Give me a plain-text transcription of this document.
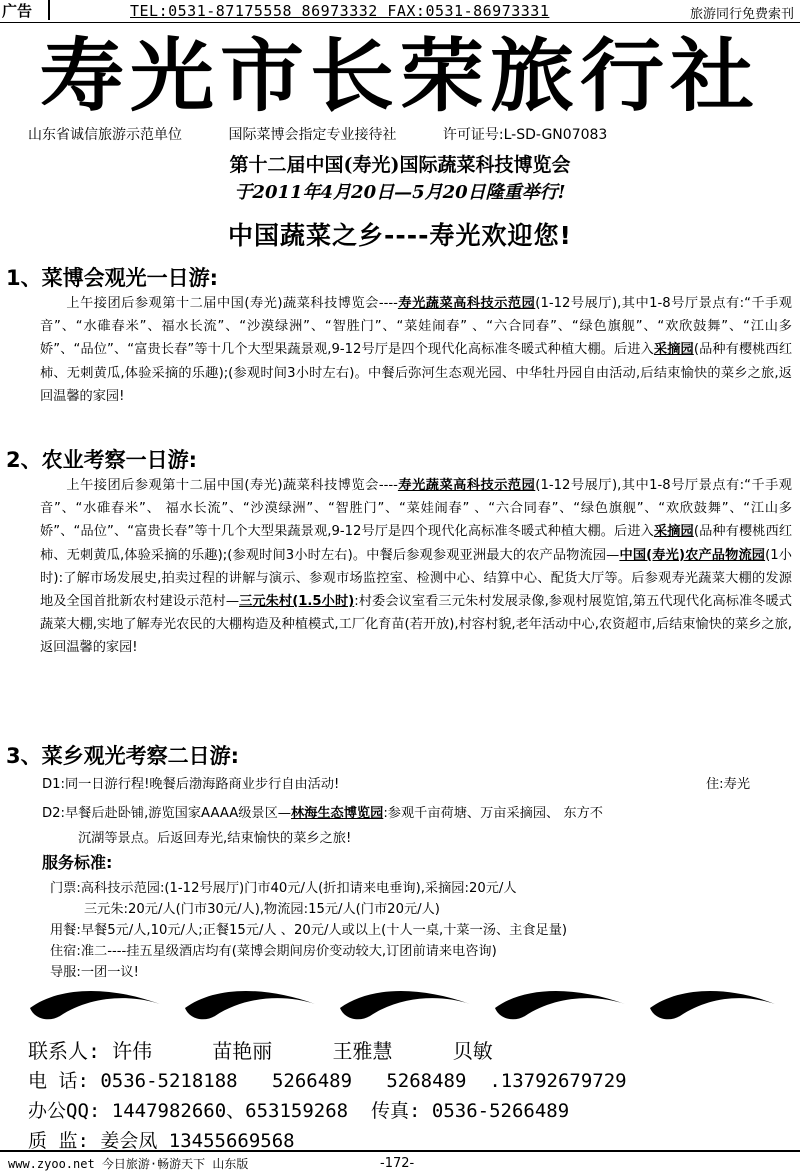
广告	TEL:0531-87175558 86973332 FAX:0531-86973331	旅游同行免费索刊
寿光市长荣旅行社
山东省诚信旅游示范单位	国际菜博会指定专业接待社	许可证号:L-SD-GN07083
第十二届中国(寿光)国际蔬菜科技博览会
于2011年4月20日—5月20日隆重举行!
中国蔬菜之乡----寿光欢迎您!
1、菜博会观光一日游:
上午接团后参观第十二届中国(寿光)蔬菜科技博览会----寿光蔬菜高科技示范园(1-12号展厅),其中1-8号厅景点有:“千手观音”、“水碓春米”、福水长流”、“沙漠绿洲”、“智胜门”、“菜娃闹春” 、“六合同春”、“绿色旗舰”、“欢欣鼓舞”、“江山多娇”、“品位”、“富贵长春”等十几个大型果蔬景观,9-12号厅是四个现代化高标准冬暖式种植大棚。后进入采摘园(品种有樱桃西红柿、无刺黄瓜,体验采摘的乐趣);(参观时间3小时左右)。中餐后弥河生态观光园、中华牡丹园自由活动,后结束愉快的菜乡之旅,返回温馨的家园!
2、农业考察一日游:
上午接团后参观第十二届中国(寿光)蔬菜科技博览会----寿光蔬菜高科技示范园(1-12号展厅),其中1-8号厅景点有:“千手观音”、“水碓春米”、 福水长流”、“沙漠绿洲”、“智胜门”、“菜娃闹春” 、“六合同春”、“绿色旗舰”、“欢欣鼓舞”、“江山多娇”、“品位”、“富贵长春”等十几个大型果蔬景观,9-12号厅是四个现代化高标准冬暖式种植大棚。后进入采摘园(品种有樱桃西红柿、无刺黄瓜,体验采摘的乐趣);(参观时间3小时左右)。中餐后参观参观亚洲最大的农产品物流园—中国(寿光)农产品物流园(1小时):了解市场发展史,拍卖过程的讲解与演示、参观市场监控室、检测中心、结算中心、配货大厅等。后参观寿光蔬菜大棚的发源地及全国首批新农村建设示范村—三元朱村(1.5小时):村委会议室看三元朱村发展录像,参观村展览馆,第五代现代化高标准冬暖式蔬菜大棚,实地了解寿光农民的大棚构造及种植模式,工厂化育苗(若开放),村容村貌,老年活动中心,农资超市,后结束愉快的菜乡之旅,返回温馨的家园!
3、菜乡观光考察二日游:
D1:同一日游行程!晚餐后渤海路商业步行自由活动!	住:寿光
D2:早餐后赴卧铺,游览国家AAAA级景区—林海生态博览园:参观千亩荷塘、万亩采摘园、 东方不
沉湖等景点。后返回寿光,结束愉快的菜乡之旅!
服务标准:
门票:高科技示范园:(1-12号展厅)门市40元/人(折扣请来电垂询),采摘园:20元/人
三元朱:20元/人(门市30元/人),物流园:15元/人(门市20元/人)
用餐:早餐5元/人,10元/人;正餐15元/人 、20元/人或以上(十人一桌,十菜一汤、主食足量)
住宿:准二----挂五星级酒店均有(菜博会期间房价变动较大,订团前请来电咨询)
导服:一团一议!
联系人: 许伟	苗艳丽	王雅慧	贝敏
电 话: 0536-5218188 5266489 5268489 .13792679729
办公QQ: 1447982660、653159268 传真: 0536-5266489
质 监: 姜会凤 13455669568
www.zyoo.net 今日旅游·畅游天下 山东版	-172-
